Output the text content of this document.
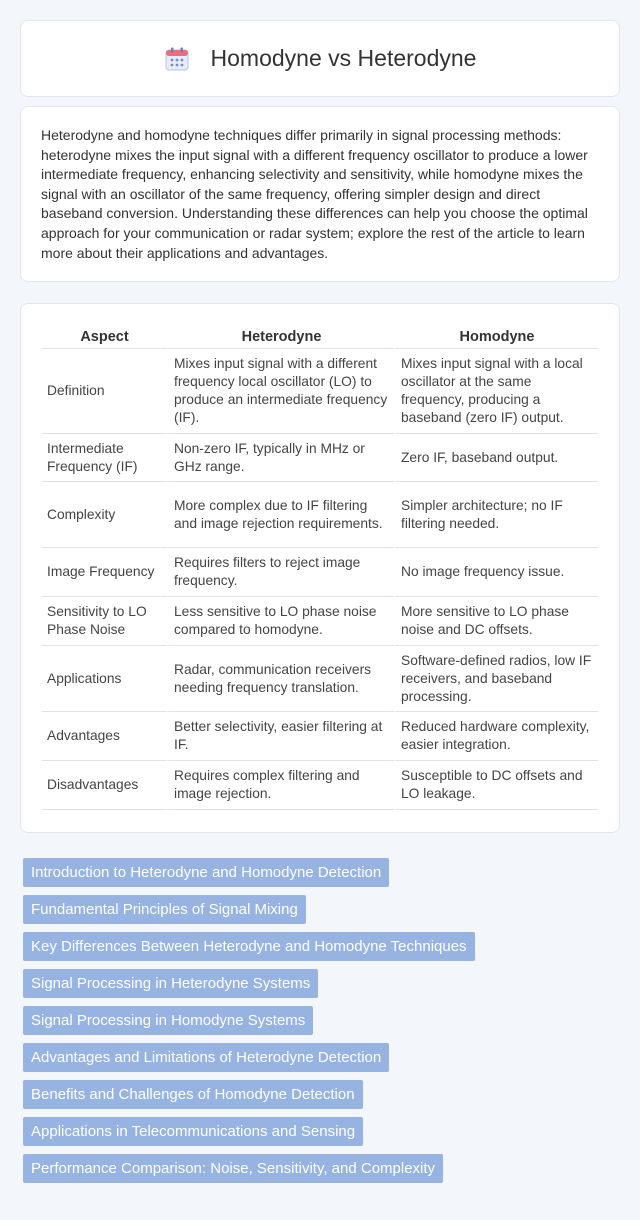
Homodyne vs Heterodyne

Heterodyne and homodyne techniques differ primarily in signal processing methods: heterodyne mixes the input signal with a different frequency oscillator to produce a lower intermediate frequency, enhancing selectivity and sensitivity, while homodyne mixes the signal with an oscillator of the same frequency, offering simpler design and direct baseband conversion. Understanding these differences can help you choose the optimal approach for your communication or radar system; explore the rest of the article to learn more about their applications and advantages.

Aspect	Heterodyne	Homodyne
Definition	Mixes input signal with a different frequency local oscillator (LO) to produce an intermediate frequency (IF).	Mixes input signal with a local oscillator at the same frequency, producing a baseband (zero IF) output.
Intermediate Frequency (IF)	Non-zero IF, typically in MHz or GHz range.	Zero IF, baseband output.
Complexity	More complex due to IF filtering and image rejection requirements.	Simpler architecture; no IF filtering needed.
Image Frequency	Requires filters to reject image frequency.	No image frequency issue.
Sensitivity to LO Phase Noise	Less sensitive to LO phase noise compared to homodyne.	More sensitive to LO phase noise and DC offsets.
Applications	Radar, communication receivers needing frequency translation.	Software-defined radios, low IF receivers, and baseband processing.
Advantages	Better selectivity, easier filtering at IF.	Reduced hardware complexity, easier integration.
Disadvantages	Requires complex filtering and image rejection.	Susceptible to DC offsets and LO leakage.
Introduction to Heterodyne and Homodyne Detection
Fundamental Principles of Signal Mixing
Key Differences Between Heterodyne and Homodyne Techniques
Signal Processing in Heterodyne Systems
Signal Processing in Homodyne Systems
Advantages and Limitations of Heterodyne Detection
Benefits and Challenges of Homodyne Detection
Applications in Telecommunications and Sensing
Performance Comparison: Noise, Sensitivity, and Complexity
